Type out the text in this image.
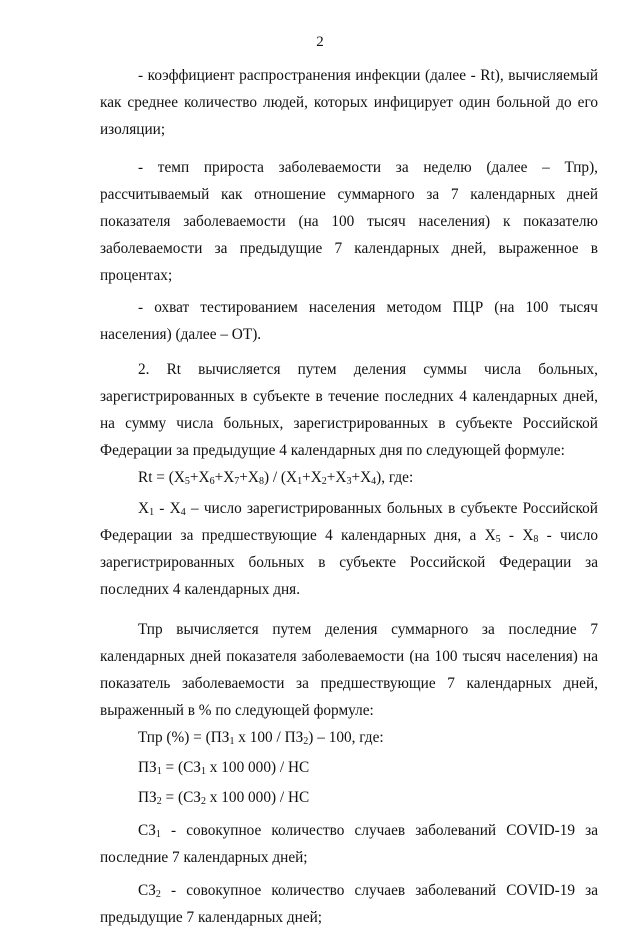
2

- коэффициент распространения инфекции (далее - Rt), вычисляемый как среднее количество людей, которых инфицирует один больной до его изоляции;

- темп прироста заболеваемости за неделю (далее – Тпр), рассчитываемый как отношение суммарного за 7 календарных дней показателя заболеваемости (на 100 тысяч населения) к показателю заболеваемости за предыдущие 7 календарных дней, выраженное в процентах;

- охват тестированием населения методом ПЦР (на 100 тысяч населения) (далее – ОТ).

2. Rt вычисляется путем деления суммы числа больных, зарегистрированных в субъекте в течение последних 4 календарных дней, на сумму числа больных, зарегистрированных в субъекте Российской Федерации за предыдущие 4 календарных дня по следующей формуле:

$Rt = (X_5+X_6+X_7+X_8) / (X_1+X_2+X_3+X_4)$, где:

$X_1 - X_4$ – число зарегистрированных больных в субъекте Российской Федерации за предшествующие 4 календарных дня, а $X_5 - X_8$ - число зарегистрированных больных в субъекте Российской Федерации за последних 4 календарных дня.

Тпр вычисляется путем деления суммарного за последние 7 календарных дней показателя заболеваемости (на 100 тысяч населения) на показатель заболеваемости за предшествующие 7 календарных дней, выраженный в % по следующей формуле:

Тпр (%) = ($ПЗ_1$ x $100 / ПЗ_2) - 100$, где:

$ПЗ_1 = (СЗ_1$ x 100 000) / НС

$ПЗ_2 = (СЗ_2$ x 100 000) / НС

$СЗ_1$ - совокупное количество случаев заболеваний COVID-19 за последние 7 календарных дней;

$СЗ_2$ - совокупное количество случаев заболеваний COVID-19 за предыдущие 7 календарных дней;
